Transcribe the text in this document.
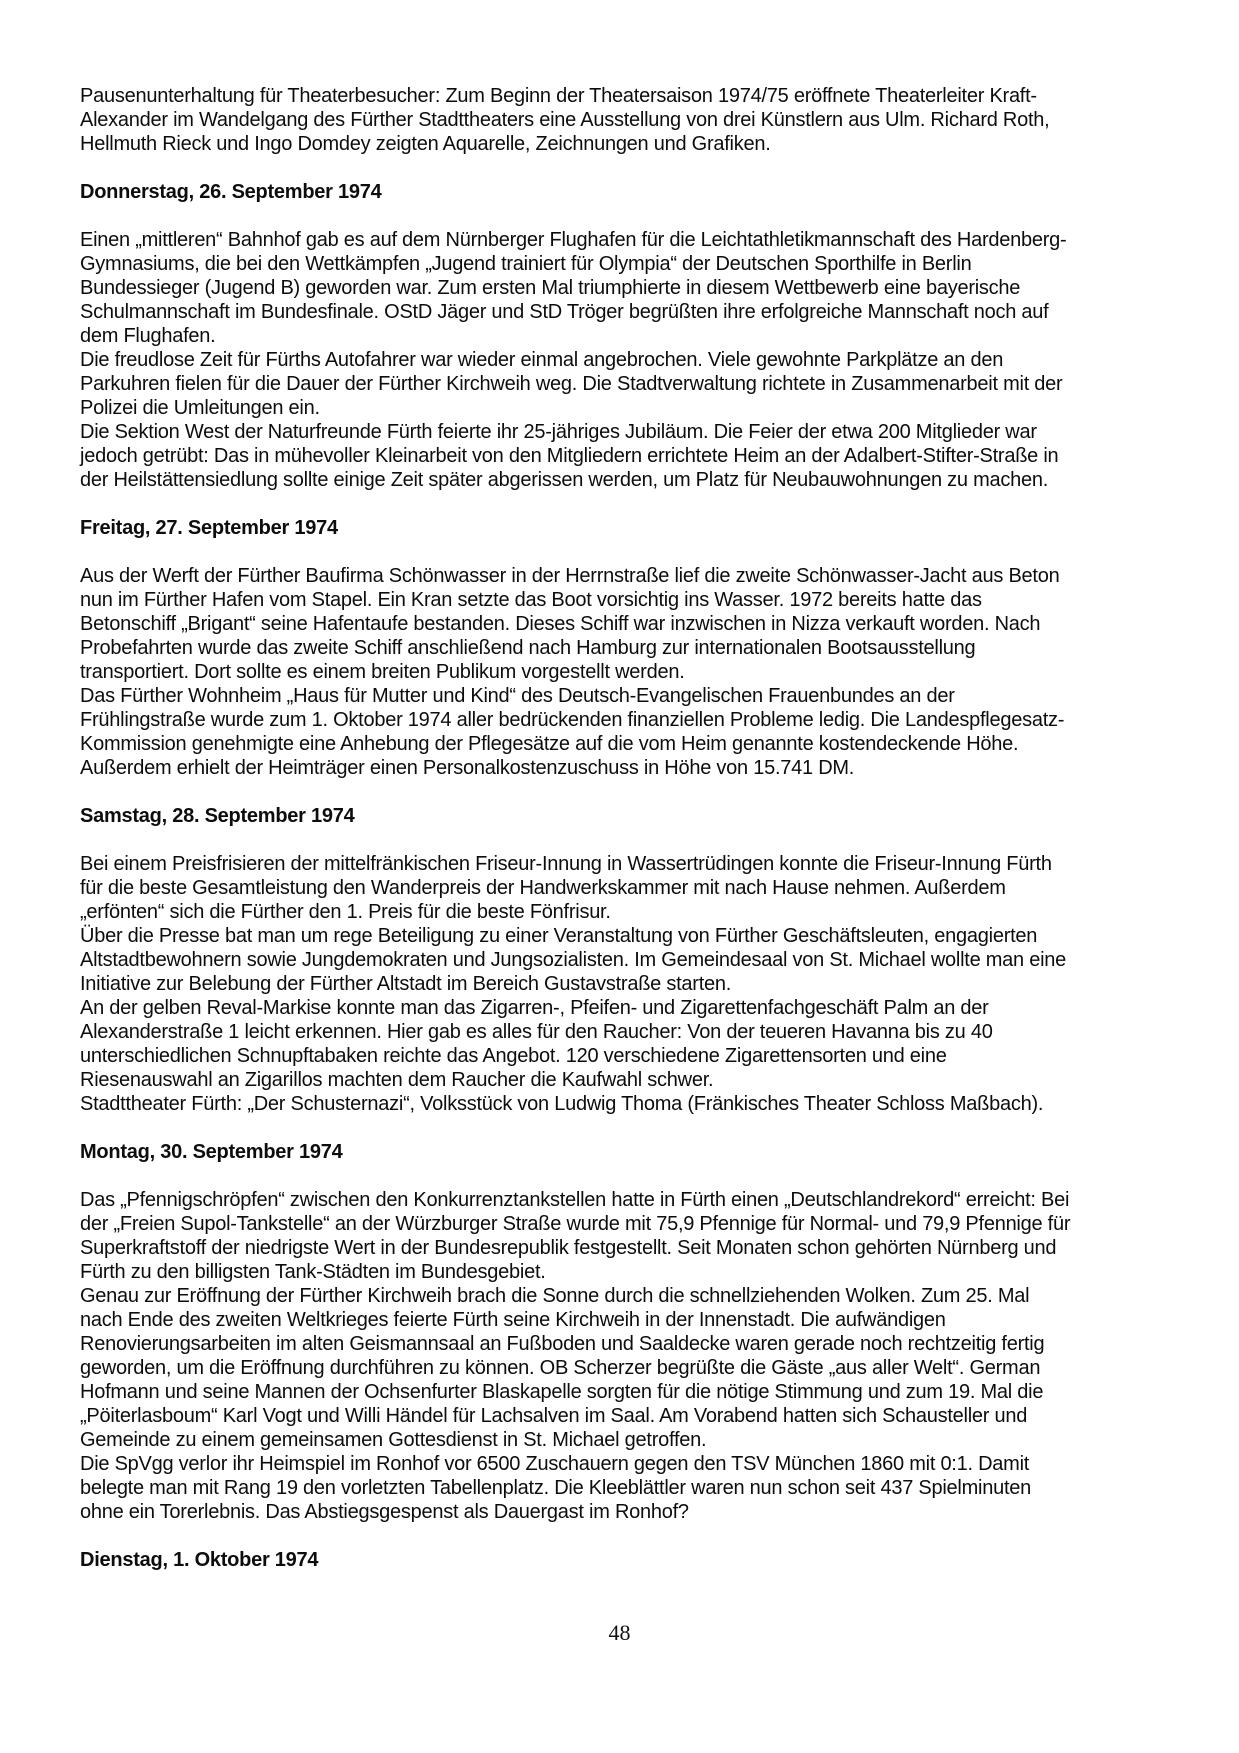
Pausenunterhaltung für Theaterbesucher: Zum Beginn der Theatersaison 1974/75 eröffnete Theaterleiter Kraft-
Alexander im Wandelgang des Fürther Stadttheaters eine Ausstellung von drei Künstlern aus Ulm. Richard Roth,
Hellmuth Rieck und Ingo Domdey zeigten Aquarelle, Zeichnungen und Grafiken.
Donnerstag, 26. September 1974
Einen „mittleren“ Bahnhof gab es auf dem Nürnberger Flughafen für die Leichtathletikmannschaft des Hardenberg-
Gymnasiums, die bei den Wettkämpfen „Jugend trainiert für Olympia“ der Deutschen Sporthilfe in Berlin
Bundessieger (Jugend B) geworden war. Zum ersten Mal triumphierte in diesem Wettbewerb eine bayerische
Schulmannschaft im Bundesfinale. OStD Jäger und StD Tröger begrüßten ihre erfolgreiche Mannschaft noch auf
dem Flughafen.
Die freudlose Zeit für Fürths Autofahrer war wieder einmal angebrochen. Viele gewohnte Parkplätze an den
Parkuhren fielen für die Dauer der Fürther Kirchweih weg. Die Stadtverwaltung richtete in Zusammenarbeit mit der
Polizei die Umleitungen ein.
Die Sektion West der Naturfreunde Fürth feierte ihr 25-jähriges Jubiläum. Die Feier der etwa 200 Mitglieder war
jedoch getrübt: Das in mühevoller Kleinarbeit von den Mitgliedern errichtete Heim an der Adalbert-Stifter-Straße in
der Heilstättensiedlung sollte einige Zeit später abgerissen werden, um Platz für Neubauwohnungen zu machen.
Freitag, 27. September 1974
Aus der Werft der Fürther Baufirma Schönwasser in der Herrnstraße lief die zweite Schönwasser-Jacht aus Beton
nun im Fürther Hafen vom Stapel. Ein Kran setzte das Boot vorsichtig ins Wasser. 1972 bereits hatte das
Betonschiff „Brigant“ seine Hafentaufe bestanden. Dieses Schiff war inzwischen in Nizza verkauft worden. Nach
Probefahrten wurde das zweite Schiff anschließend nach Hamburg zur internationalen Bootsausstellung
transportiert. Dort sollte es einem breiten Publikum vorgestellt werden.
Das Fürther Wohnheim „Haus für Mutter und Kind“ des Deutsch-Evangelischen Frauenbundes an der
Frühlingstraße wurde zum 1. Oktober 1974 aller bedrückenden finanziellen Probleme ledig. Die Landespflegesatz-
Kommission genehmigte eine Anhebung der Pflegesätze auf die vom Heim genannte kostendeckende Höhe.
Außerdem erhielt der Heimträger einen Personalkostenzuschuss in Höhe von 15.741 DM.
Samstag, 28. September 1974
Bei einem Preisfrisieren der mittelfränkischen Friseur-Innung in Wassertrüdingen konnte die Friseur-Innung Fürth
für die beste Gesamtleistung den Wanderpreis der Handwerkskammer mit nach Hause nehmen. Außerdem
„erfönten“ sich die Fürther den 1. Preis für die beste Fönfrisur.
Über die Presse bat man um rege Beteiligung zu einer Veranstaltung von Fürther Geschäftsleuten, engagierten
Altstadtbewohnern sowie Jungdemokraten und Jungsozialisten. Im Gemeindesaal von St. Michael wollte man eine
Initiative zur Belebung der Fürther Altstadt im Bereich Gustavstraße starten.
An der gelben Reval-Markise konnte man das Zigarren-, Pfeifen- und Zigarettenfachgeschäft Palm an der
Alexanderstraße 1 leicht erkennen. Hier gab es alles für den Raucher: Von der teueren Havanna bis zu 40
unterschiedlichen Schnupftabaken reichte das Angebot. 120 verschiedene Zigarettensorten und eine
Riesenauswahl an Zigarillos machten dem Raucher die Kaufwahl schwer.
Stadttheater Fürth: „Der Schusternazi“, Volksstück von Ludwig Thoma (Fränkisches Theater Schloss Maßbach).
Montag, 30. September 1974
Das „Pfennigschröpfen“ zwischen den Konkurrenztankstellen hatte in Fürth einen „Deutschlandrekord“ erreicht: Bei
der „Freien Supol-Tankstelle“ an der Würzburger Straße wurde mit 75,9 Pfennige für Normal- und 79,9 Pfennige für
Superkraftstoff der niedrigste Wert in der Bundesrepublik festgestellt. Seit Monaten schon gehörten Nürnberg und
Fürth zu den billigsten Tank-Städten im Bundesgebiet.
Genau zur Eröffnung der Fürther Kirchweih brach die Sonne durch die schnellziehenden Wolken. Zum 25. Mal
nach Ende des zweiten Weltkrieges feierte Fürth seine Kirchweih in der Innenstadt. Die aufwändigen
Renovierungsarbeiten im alten Geismannsaal an Fußboden und Saaldecke waren gerade noch rechtzeitig fertig
geworden, um die Eröffnung durchführen zu können. OB Scherzer begrüßte die Gäste „aus aller Welt“. German
Hofmann und seine Mannen der Ochsenfurter Blaskapelle sorgten für die nötige Stimmung und zum 19. Mal die
„Pöiterlasboum“ Karl Vogt und Willi Händel für Lachsalven im Saal. Am Vorabend hatten sich Schausteller und
Gemeinde zu einem gemeinsamen Gottesdienst in St. Michael getroffen.
Die SpVgg verlor ihr Heimspiel im Ronhof vor 6500 Zuschauern gegen den TSV München 1860 mit 0:1. Damit
belegte man mit Rang 19 den vorletzten Tabellenplatz. Die Kleeblättler waren nun schon seit 437 Spielminuten
ohne ein Torerlebnis. Das Abstiegsgespenst als Dauergast im Ronhof?
Dienstag, 1. Oktober 1974
48
